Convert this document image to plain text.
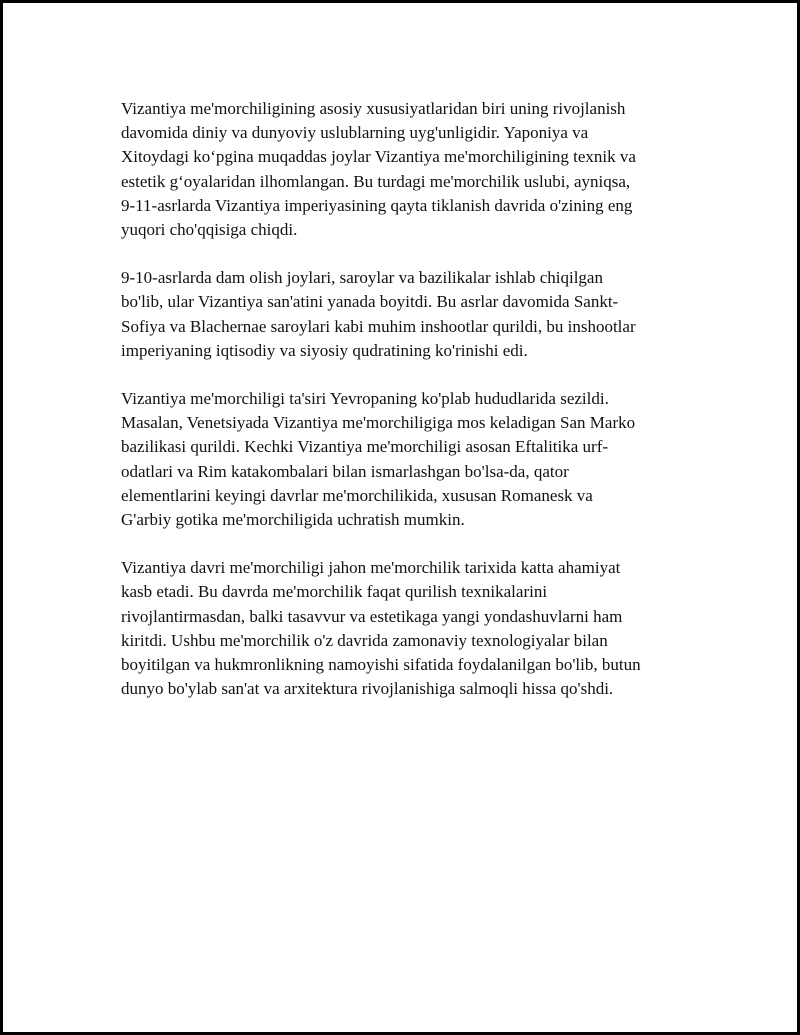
Vizantiya me'morchiligining asosiy xususiyatlaridan biri uning rivojlanish
davomida diniy va dunyoviy uslublarning uyg'unligidir. Yaponiya va
Xitoydagi koʻpgina muqaddas joylar Vizantiya me'morchiligining texnik va
estetik gʻoyalaridan ilhomlangan. Bu turdagi me'morchilik uslubi, ayniqsa,
9-11-asrlarda Vizantiya imperiyasining qayta tiklanish davrida o'zining eng
yuqori cho'qqisiga chiqdi.

9-10-asrlarda dam olish joylari, saroylar va bazilikalar ishlab chiqilgan
bo'lib, ular Vizantiya san'atini yanada boyitdi. Bu asrlar davomida Sankt-
Sofiya va Blachernae saroylari kabi muhim inshootlar qurildi, bu inshootlar
imperiyaning iqtisodiy va siyosiy qudratining ko'rinishi edi.

Vizantiya me'morchiligi ta'siri Yevropaning ko'plab hududlarida sezildi.
Masalan, Venetsiyada Vizantiya me'morchiligiga mos keladigan San Marko
bazilikasi qurildi. Kechki Vizantiya me'morchiligi asosan Eftalitika urf-
odatlari va Rim katakombalari bilan ismarlashgan bo'lsa-da, qator
elementlarini keyingi davrlar me'morchilikida, xususan Romanesk va
G'arbiy gotika me'morchiligida uchratish mumkin.

Vizantiya davri me'morchiligi jahon me'morchilik tarixida katta ahamiyat
kasb etadi. Bu davrda me'morchilik faqat qurilish texnikalarini
rivojlantirmasdan, balki tasavvur va estetikaga yangi yondashuvlarni ham
kiritdi. Ushbu me'morchilik o'z davrida zamonaviy texnologiyalar bilan
boyitilgan va hukmronlikning namoyishi sifatida foydalanilgan bo'lib, butun
dunyo bo'ylab san'at va arxitektura rivojlanishiga salmoqli hissa qo'shdi.
